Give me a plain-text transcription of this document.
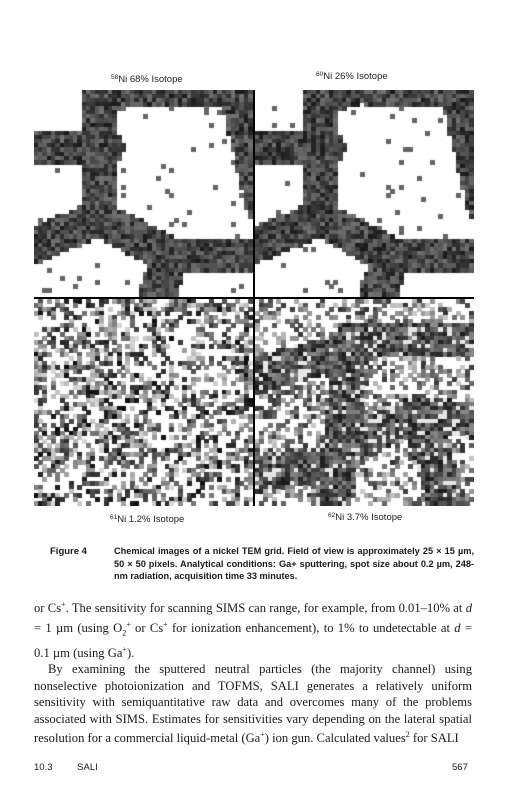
$^{58}$Ni 68% Isotope	$^{60}$Ni 26% Isotope
$^{61}$Ni 1.2% Isotope	$^{62}$Ni 3.7% Isotope
Figure 4	Chemical images of a nickel TEM grid. Field of view is approximately 25 × 15 µm, 50 × 50 pixels. Analytical conditions: Ga+ sputtering, spot size about 0.2 µm, 248-nm radiation, acquisition time 33 minutes.

or Cs+. The sensitivity for scanning SIMS can range, for example, from 0.01–10% at d = 1 µm (using $O_2^+$ or Cs+ for ionization enhancement), to 1% to undetectable at d = 0.1 µm (using Ga+).

By examining the sputtered neutral particles (the majority channel) using nonselective photoionization and TOFMS, SALI generates a relatively uniform sensitivity with semiquantitative raw data and overcomes many of the problems associated with SIMS. Estimates for sensitivities vary depending on the lateral spatial resolution for a commercial liquid-metal (Ga+) ion gun. Calculated values$^2$ for SALI

10.3	SALI	567
